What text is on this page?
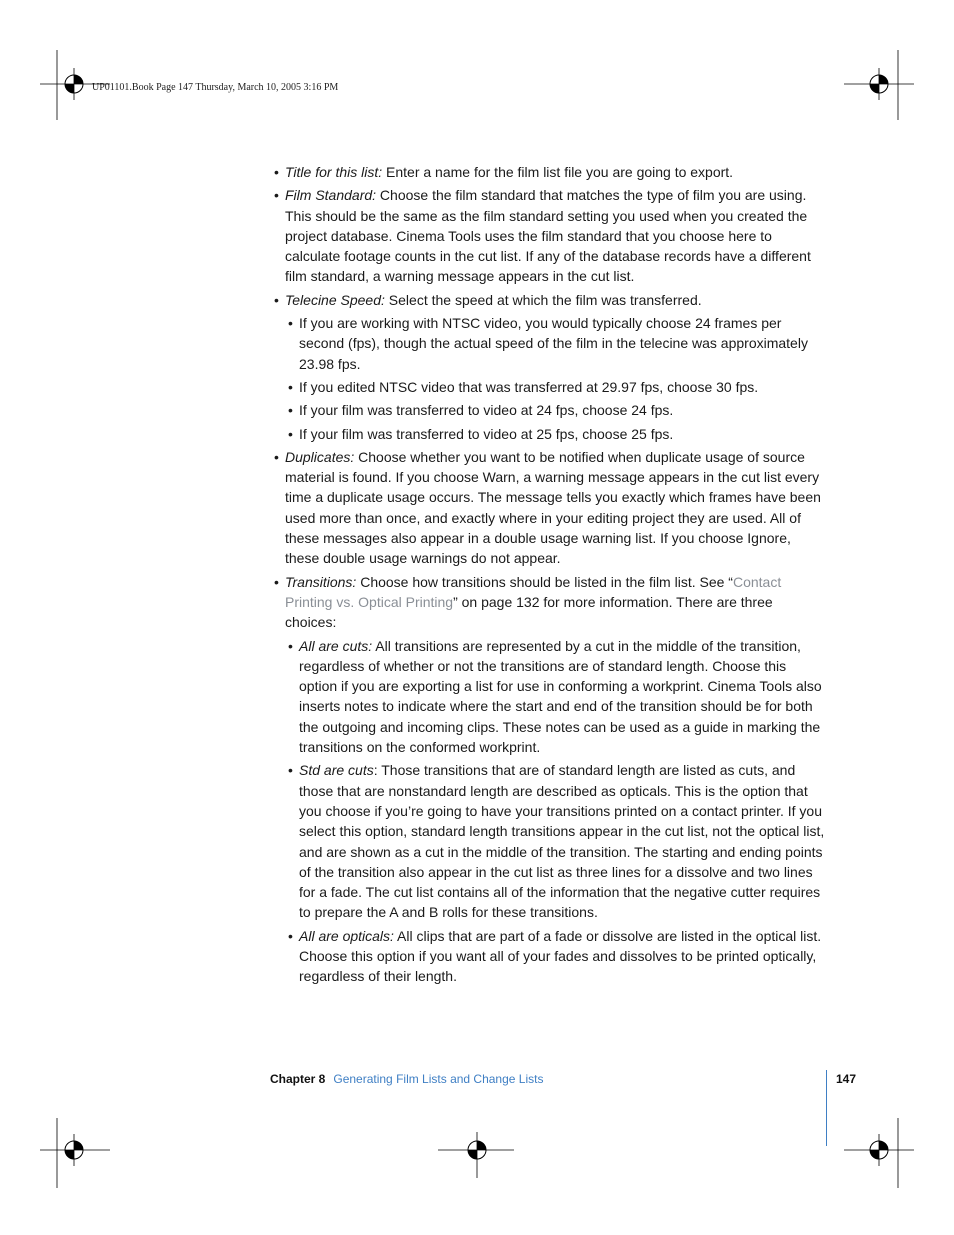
UP01101.Book Page 147 Thursday, March 10, 2005 3:16 PM
• Title for this list: Enter a name for the film list file you are going to export.
• Film Standard: Choose the film standard that matches the type of film you are using. This should be the same as the film standard setting you used when you created the project database. Cinema Tools uses the film standard that you choose here to calculate footage counts in the cut list. If any of the database records have a different film standard, a warning message appears in the cut list.
• Telecine Speed: Select the speed at which the film was transferred.
• If you are working with NTSC video, you would typically choose 24 frames per second (fps), though the actual speed of the film in the telecine was approximately 23.98 fps.
• If you edited NTSC video that was transferred at 29.97 fps, choose 30 fps.
• If your film was transferred to video at 24 fps, choose 24 fps.
• If your film was transferred to video at 25 fps, choose 25 fps.
• Duplicates: Choose whether you want to be notified when duplicate usage of source material is found. If you choose Warn, a warning message appears in the cut list every time a duplicate usage occurs. The message tells you exactly which frames have been used more than once, and exactly where in your editing project they are used. All of these messages also appear in a double usage warning list. If you choose Ignore, these double usage warnings do not appear.
• Transitions: Choose how transitions should be listed in the film list. See “Contact Printing vs. Optical Printing” on page 132 for more information. There are three choices:
• All are cuts: All transitions are represented by a cut in the middle of the transition, regardless of whether or not the transitions are of standard length. Choose this option if you are exporting a list for use in conforming a workprint. Cinema Tools also inserts notes to indicate where the start and end of the transition should be for both the outgoing and incoming clips. These notes can be used as a guide in marking the transitions on the conformed workprint.
• Std are cuts: Those transitions that are of standard length are listed as cuts, and those that are nonstandard length are described as opticals. This is the option that you choose if you’re going to have your transitions printed on a contact printer. If you select this option, standard length transitions appear in the cut list, not the optical list, and are shown as a cut in the middle of the transition. The starting and ending points of the transition also appear in the cut list as three lines for a dissolve and two lines for a fade. The cut list contains all of the information that the negative cutter requires to prepare the A and B rolls for these transitions.
• All are opticals: All clips that are part of a fade or dissolve are listed in the optical list. Choose this option if you want all of your fades and dissolves to be printed optically, regardless of their length.
Chapter 8 Generating Film Lists and Change Lists	147
